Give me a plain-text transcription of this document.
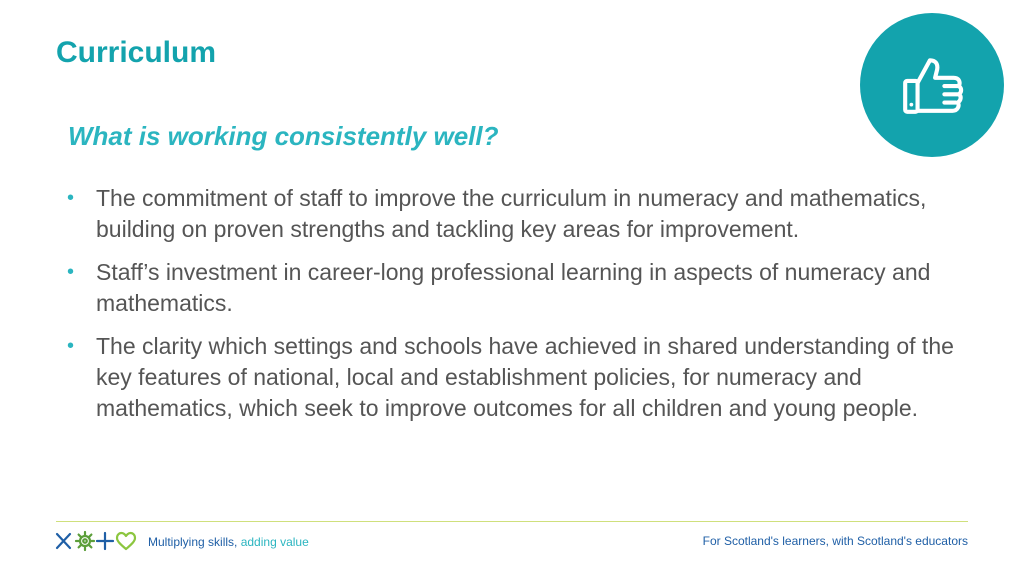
Curriculum
What is working consistently well?
• The commitment of staff to improve the curriculum in numeracy and mathematics, building on proven strengths and tackling key areas for improvement.
• Staff’s investment in career-long professional learning in aspects of numeracy and mathematics.
• The clarity which settings and schools have achieved in shared understanding of the key features of national, local and establishment policies, for numeracy and mathematics, which seek to improve outcomes for all children and young people.
Multiplying skills, adding value	For Scotland's learners, with Scotland's educators
